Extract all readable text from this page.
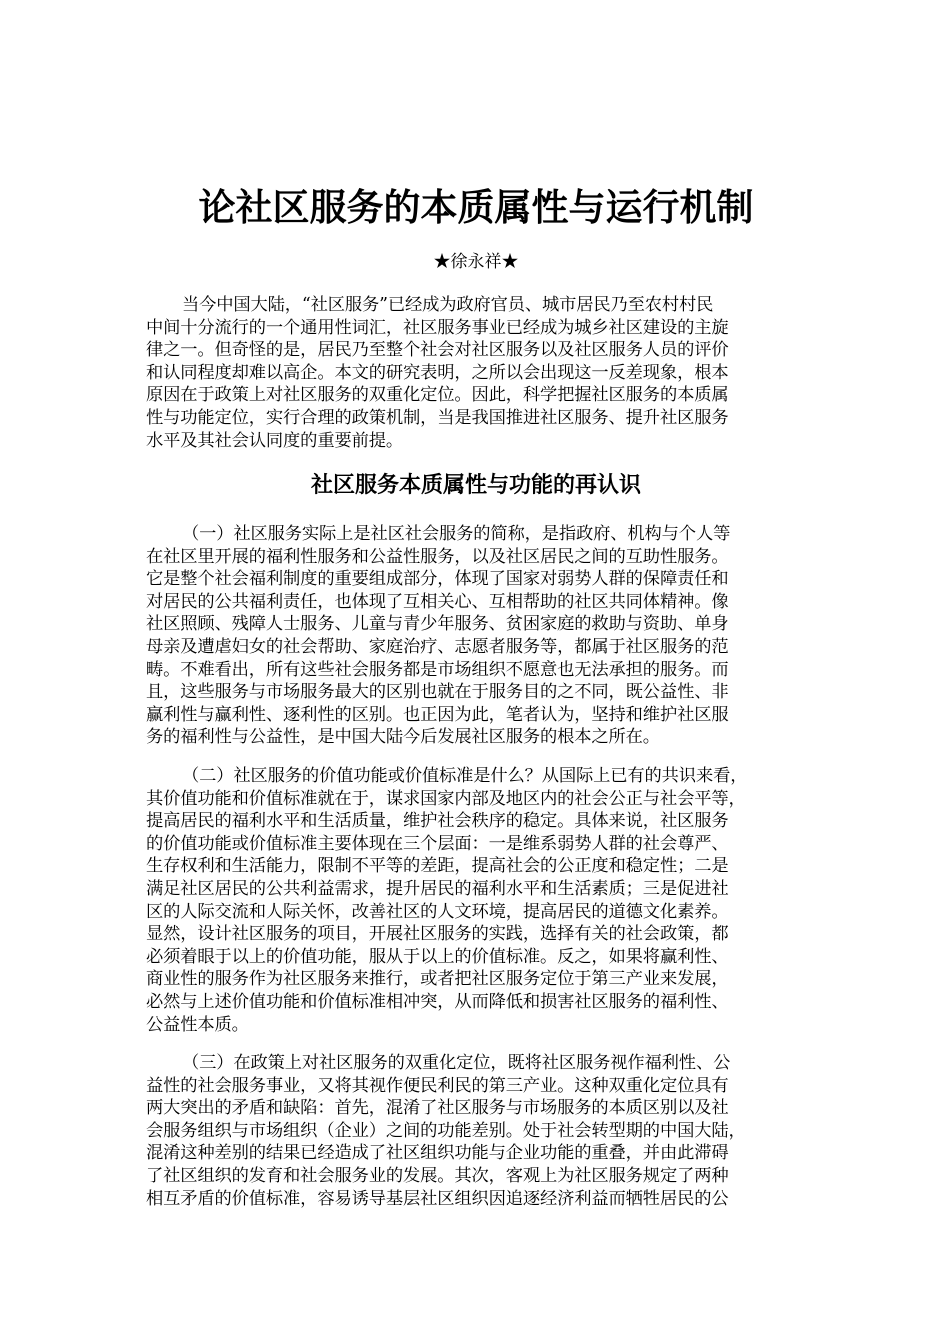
论社区服务的本质属性与运行机制
★徐永祥★
当今中国大陆，“社区服务”已经成为政府官员、城市居民乃至农村村民
中间十分流行的一个通用性词汇，社区服务事业已经成为城乡社区建设的主旋
律之一。但奇怪的是，居民乃至整个社会对社区服务以及社区服务人员的评价
和认同程度却难以高企。本文的研究表明，之所以会出现这一反差现象，根本
原因在于政策上对社区服务的双重化定位。因此，科学把握社区服务的本质属
性与功能定位，实行合理的政策机制，当是我国推进社区服务、提升社区服务
水平及其社会认同度的重要前提。
社区服务本质属性与功能的再认识
（一）社区服务实际上是社区社会服务的简称，是指政府、机构与个人等
在社区里开展的福利性服务和公益性服务，以及社区居民之间的互助性服务。
它是整个社会福利制度的重要组成部分，体现了国家对弱势人群的保障责任和
对居民的公共福利责任，也体现了互相关心、互相帮助的社区共同体精神。像
社区照顾、残障人士服务、儿童与青少年服务、贫困家庭的救助与资助、单身
母亲及遭虐妇女的社会帮助、家庭治疗、志愿者服务等，都属于社区服务的范
畴。不难看出，所有这些社会服务都是市场组织不愿意也无法承担的服务。而
且，这些服务与市场服务最大的区别也就在于服务目的之不同，既公益性、非
赢利性与赢利性、逐利性的区别。也正因为此，笔者认为，坚持和维护社区服
务的福利性与公益性，是中国大陆今后发展社区服务的根本之所在。
（二）社区服务的价值功能或价值标准是什么？从国际上已有的共识来看，
其价值功能和价值标准就在于，谋求国家内部及地区内的社会公正与社会平等，
提高居民的福利水平和生活质量，维护社会秩序的稳定。具体来说，社区服务
的价值功能或价值标准主要体现在三个层面：一是维系弱势人群的社会尊严、
生存权利和生活能力，限制不平等的差距，提高社会的公正度和稳定性；二是
满足社区居民的公共利益需求，提升居民的福利水平和生活素质；三是促进社
区的人际交流和人际关怀，改善社区的人文环境，提高居民的道德文化素养。
显然，设计社区服务的项目，开展社区服务的实践，选择有关的社会政策，都
必须着眼于以上的价值功能，服从于以上的价值标准。反之，如果将赢利性、
商业性的服务作为社区服务来推行，或者把社区服务定位于第三产业来发展，
必然与上述价值功能和价值标准相冲突，从而降低和损害社区服务的福利性、
公益性本质。
（三）在政策上对社区服务的双重化定位，既将社区服务视作福利性、公
益性的社会服务事业，又将其视作便民利民的第三产业。这种双重化定位具有
两大突出的矛盾和缺陷：首先，混淆了社区服务与市场服务的本质区别以及社
会服务组织与市场组织（企业）之间的功能差别。处于社会转型期的中国大陆，
混淆这种差别的结果已经造成了社区组织功能与企业功能的重叠，并由此滞碍
了社区组织的发育和社会服务业的发展。其次，客观上为社区服务规定了两种
相互矛盾的价值标准，容易诱导基层社区组织因追逐经济利益而牺牲居民的公
